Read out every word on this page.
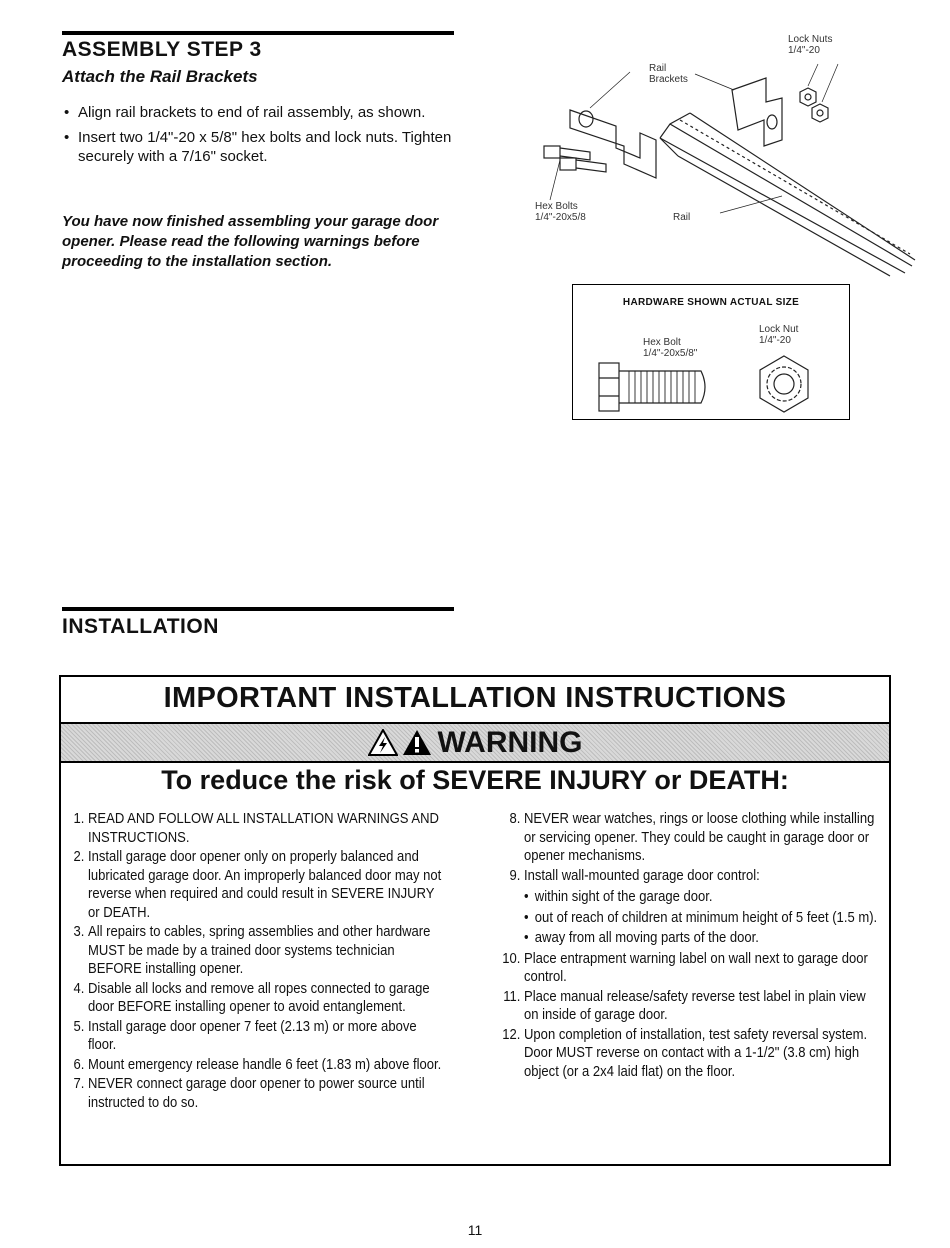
ASSEMBLY STEP 3
Attach the Rail Brackets
• Align rail brackets to end of rail assembly, as shown.
• Insert two 1/4"-20 x 5/8" hex bolts and lock nuts. Tighten securely with a 7/16" socket.

You have now finished assembling your garage door opener. Please read the following warnings before proceeding to the installation section.

Lock Nuts
1/4"-20
Rail
Brackets
Hex Bolts
1/4"-20x5/8	Rail
HARDWARE SHOWN ACTUAL SIZE
Lock Nut
1/4"-20
Hex Bolt
1/4"-20x5/8"
INSTALLATION
IMPORTANT INSTALLATION INSTRUCTIONS
WARNING
To reduce the risk of SEVERE INJURY or DEATH:
1. READ AND FOLLOW ALL INSTALLATION WARNINGS AND INSTRUCTIONS.
2. Install garage door opener only on properly balanced and lubricated garage door. An improperly balanced door may not reverse when required and could result in SEVERE INJURY or DEATH.
3. All repairs to cables, spring assemblies and other hardware MUST be made by a trained door systems technician BEFORE installing opener.
4. Disable all locks and remove all ropes connected to garage door BEFORE installing opener to avoid entanglement.
5. Install garage door opener 7 feet (2.13 m) or more above floor.
6. Mount emergency release handle 6 feet (1.83 m) above floor.
7. NEVER connect garage door opener to power source until instructed to do so.
8. NEVER wear watches, rings or loose clothing while installing or servicing opener. They could be caught in garage door or opener mechanisms.
9. Install wall-mounted garage door control:
• within sight of the garage door.
• out of reach of children at minimum height of 5 feet (1.5 m).
• away from all moving parts of the door.
10. Place entrapment warning label on wall next to garage door control.
11. Place manual release/safety reverse test label in plain view on inside of garage door.
12. Upon completion of installation, test safety reversal system. Door MUST reverse on contact with a 1-1/2" (3.8 cm) high object (or a 2x4 laid flat) on the floor.
11
